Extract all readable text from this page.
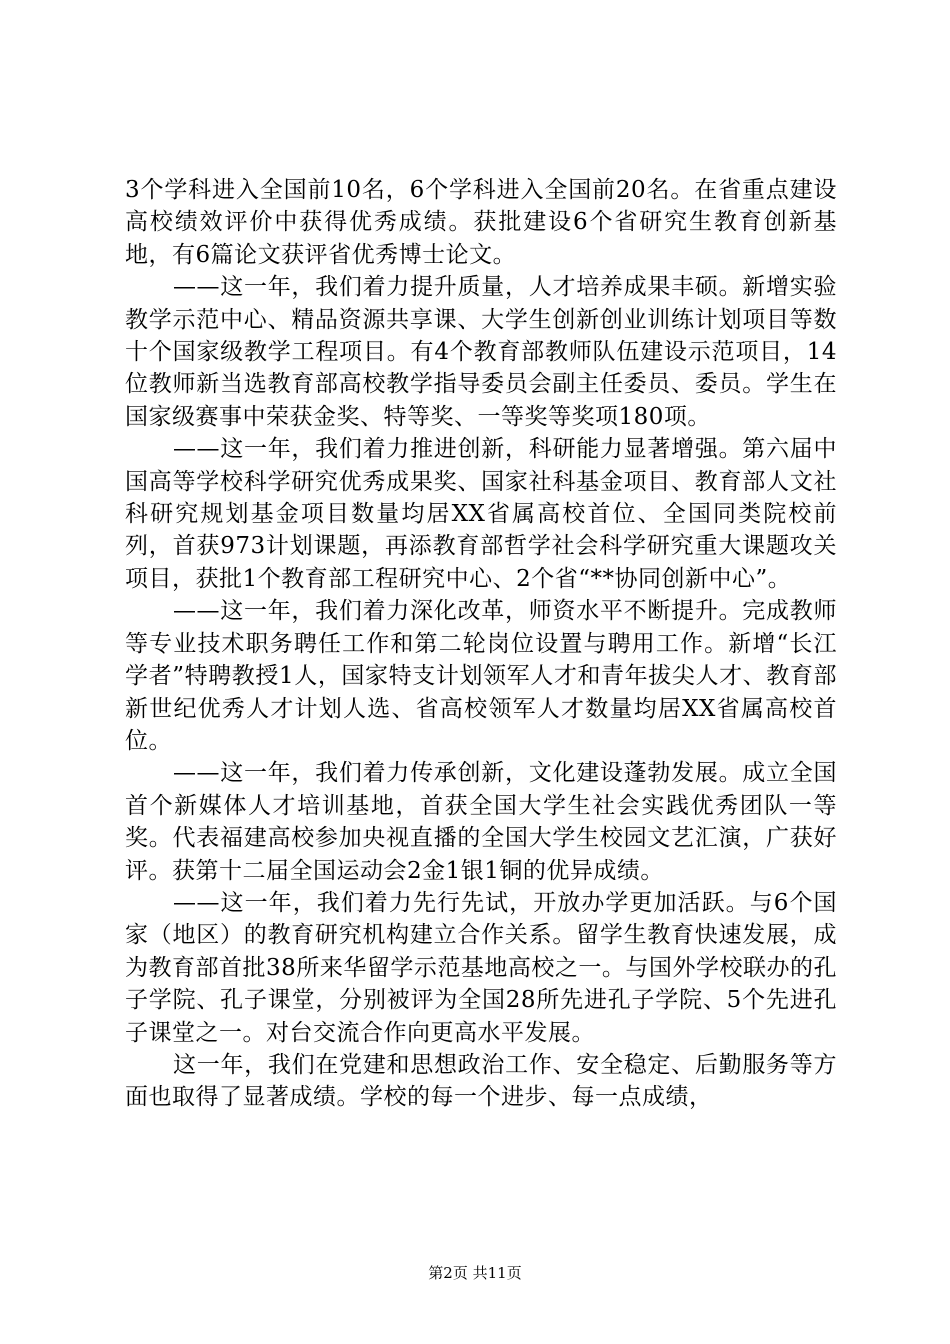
3个学科进入全国前10名，6个学科进入全国前20名。在省重点建设高校绩效评价中获得优秀成绩。获批建设6个省研究生教育创新基地，有6篇论文获评省优秀博士论文。

——这一年，我们着力提升质量，人才培养成果丰硕。新增实验教学示范中心、精品资源共享课、大学生创新创业训练计划项目等数十个国家级教学工程项目。有4个教育部教师队伍建设示范项目，14位教师新当选教育部高校教学指导委员会副主任委员、委员。学生在国家级赛事中荣获金奖、特等奖、一等奖等奖项180项。

——这一年，我们着力推进创新，科研能力显著增强。第六届中国高等学校科学研究优秀成果奖、国家社科基金项目、教育部人文社科研究规划基金项目数量均居XX省属高校首位、全国同类院校前列，首获973计划课题，再添教育部哲学社会科学研究重大课题攻关项目，获批1个教育部工程研究中心、2个省“**协同创新中心”。

——这一年，我们着力深化改革，师资水平不断提升。完成教师等专业技术职务聘任工作和第二轮岗位设置与聘用工作。新增“长江学者”特聘教授1人，国家特支计划领军人才和青年拔尖人才、教育部新世纪优秀人才计划人选、省高校领军人才数量均居XX省属高校首位。

——这一年，我们着力传承创新，文化建设蓬勃发展。成立全国首个新媒体人才培训基地，首获全国大学生社会实践优秀团队一等奖。代表福建高校参加央视直播的全国大学生校园文艺汇演，广获好评。获第十二届全国运动会2金1银1铜的优异成绩。

——这一年，我们着力先行先试，开放办学更加活跃。与6个国家（地区）的教育研究机构建立合作关系。留学生教育快速发展，成为教育部首批38所来华留学示范基地高校之一。与国外学校联办的孔子学院、孔子课堂，分别被评为全国28所先进孔子学院、5个先进孔子课堂之一。对台交流合作向更高水平发展。

这一年，我们在党建和思想政治工作、安全稳定、后勤服务等方面也取得了显著成绩。学校的每一个进步、每一点成绩，

第2页 共11页
